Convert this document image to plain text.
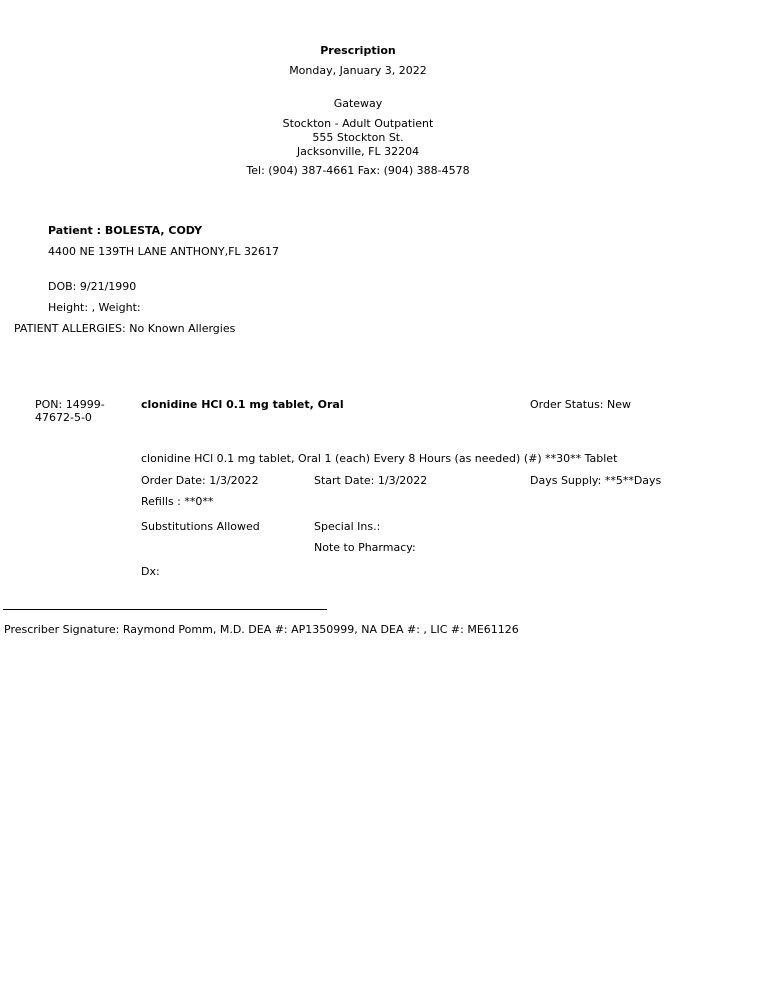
Prescription
Monday, January 3, 2022
Gateway
Stockton - Adult Outpatient
555 Stockton St.
Jacksonville, FL 32204
Tel: (904) 387-4661 Fax: (904) 388-4578
Patient : BOLESTA, CODY
4400 NE 139TH LANE ANTHONY,FL 32617
DOB: 9/21/1990
Height: , Weight:
PATIENT ALLERGIES: No Known Allergies
PON: 14999-47672-5-0
clonidine HCl 0.1 mg tablet, Oral	Order Status: New
clonidine HCl 0.1 mg tablet, Oral 1 (each) Every 8 Hours (as needed) (#) **30** Tablet
Order Date: 1/3/2022	Start Date: 1/3/2022	Days Supply: **5**Days
Refills : **0**
Substitutions Allowed	Special Ins.:
Note to Pharmacy:
Dx:
Prescriber Signature: Raymond Pomm, M.D. DEA #: AP1350999, NA DEA #: , LIC #: ME61126
